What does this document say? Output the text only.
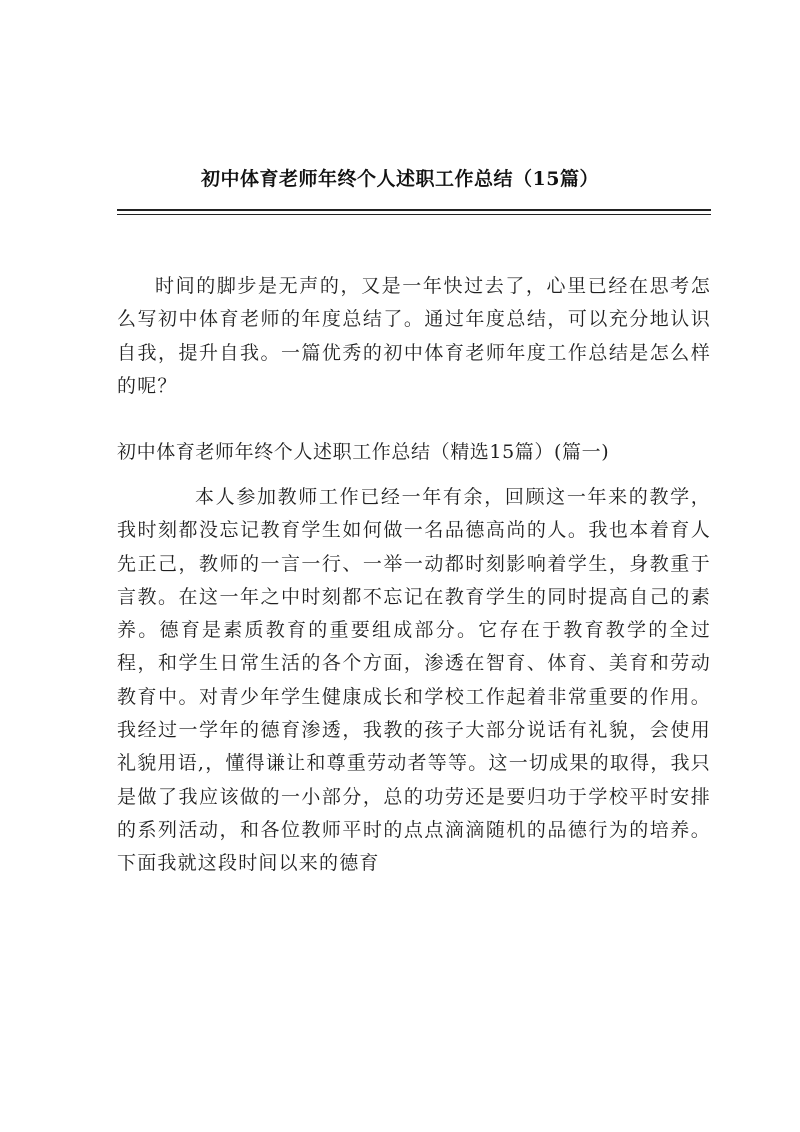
初中体育老师年终个人述职工作总结（15篇）

时间的脚步是无声的，又是一年快过去了，心里已经在思考怎么写初中体育老师的年度总结了。通过年度总结，可以充分地认识自我，提升自我。一篇优秀的初中体育老师年度工作总结是怎么样的呢？

初中体育老师年终个人述职工作总结（精选15篇）(篇一)

本人参加教师工作已经一年有余，回顾这一年来的教学，我时刻都没忘记教育学生如何做一名品德高尚的人。我也本着育人先正己，教师的一言一行、一举一动都时刻影响着学生，身教重于言教。在这一年之中时刻都不忘记在教育学生的同时提高自己的素养。德育是素质教育的重要组成部分。它存在于教育教学的全过程，和学生日常生活的各个方面，渗透在智育、体育、美育和劳动教育中。对青少年学生健康成长和学校工作起着非常重要的作用。我经过一学年的德育渗透，我教的孩子大部分说话有礼貌，会使用礼貌用语,，懂得谦让和尊重劳动者等等。这一切成果的取得，我只是做了我应该做的一小部分，总的功劳还是要归功于学校平时安排的系列活动，和各位教师平时的点点滴滴随机的品德行为的培养。下面我就这段时间以来的德育
